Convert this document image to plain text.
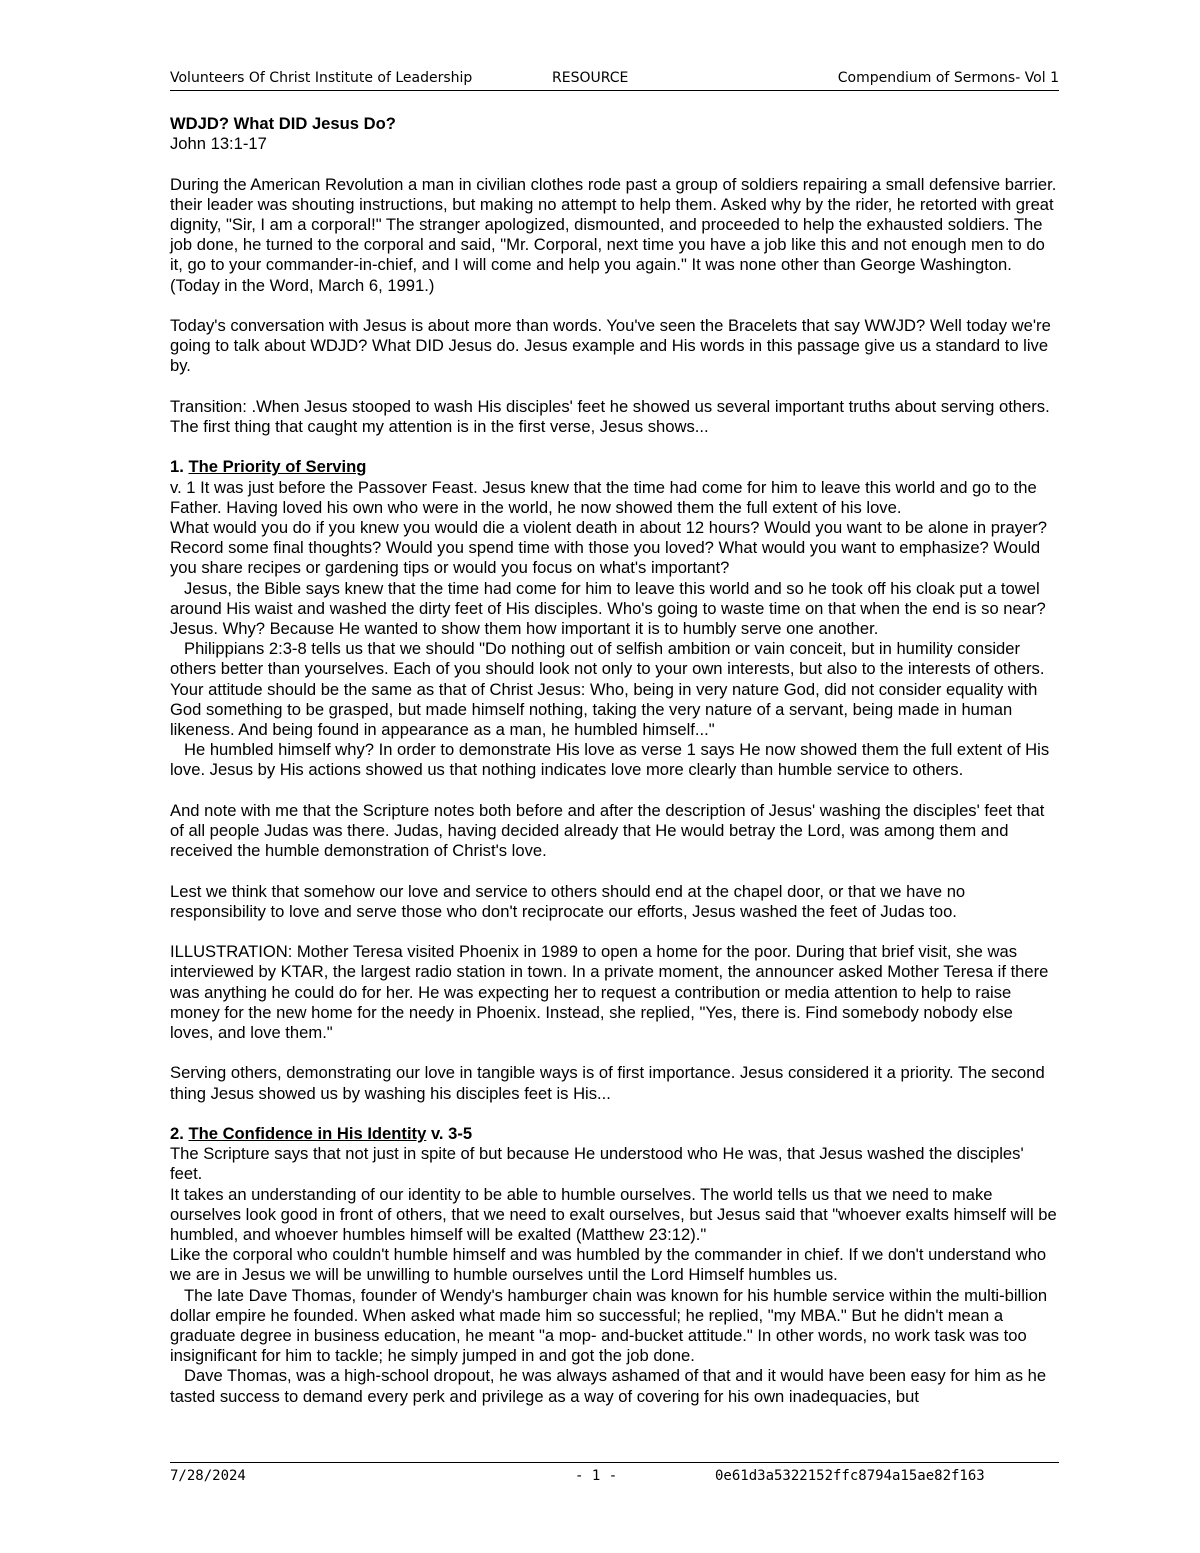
Volunteers Of Christ Institute of Leadership	RESOURCE	Compendium of Sermons- Vol 1
WDJD? What DID Jesus Do?

John 13:1-17

During the American Revolution a man in civilian clothes rode past a group of soldiers repairing a small defensive barrier. their leader was shouting instructions, but making no attempt to help them. Asked why by the rider, he retorted with great dignity, "Sir, I am a corporal!" The stranger apologized, dismounted, and proceeded to help the exhausted soldiers. The job done, he turned to the corporal and said, "Mr. Corporal, next time you have a job like this and not enough men to do it, go to your commander-in-chief, and I will come and help you again." It was none other than George Washington. (Today in the Word, March 6, 1991.)

Today's conversation with Jesus is about more than words. You've seen the Bracelets that say WWJD? Well today we're going to talk about WDJD? What DID Jesus do. Jesus example and His words in this passage give us a standard to live by.

Transition: .When Jesus stooped to wash His disciples' feet he showed us several important truths about serving others. The first thing that caught my attention is in the first verse, Jesus shows...

1. The Priority of Serving

v. 1 It was just before the Passover Feast. Jesus knew that the time had come for him to leave this world and go to the Father. Having loved his own who were in the world, he now showed them the full extent of his love.

What would you do if you knew you would die a violent death in about 12 hours? Would you want to be alone in prayer? Record some final thoughts? Would you spend time with those you loved? What would you want to emphasize? Would you share recipes or gardening tips or would you focus on what's important?

Jesus, the Bible says knew that the time had come for him to leave this world and so he took off his cloak put a towel around His waist and washed the dirty feet of His disciples. Who's going to waste time on that when the end is so near? Jesus. Why? Because He wanted to show them how important it is to humbly serve one another.

Philippians 2:3-8 tells us that we should "Do nothing out of selfish ambition or vain conceit, but in humility consider others better than yourselves. Each of you should look not only to your own interests, but also to the interests of others. Your attitude should be the same as that of Christ Jesus: Who, being in very nature God, did not consider equality with God something to be grasped, but made himself nothing, taking the very nature of a servant, being made in human likeness. And being found in appearance as a man, he humbled himself..."

He humbled himself why? In order to demonstrate His love as verse 1 says He now showed them the full extent of His love. Jesus by His actions showed us that nothing indicates love more clearly than humble service to others.

And note with me that the Scripture notes both before and after the description of Jesus' washing the disciples' feet that of all people Judas was there. Judas, having decided already that He would betray the Lord, was among them and received the humble demonstration of Christ's love.

Lest we think that somehow our love and service to others should end at the chapel door, or that we have no responsibility to love and serve those who don't reciprocate our efforts, Jesus washed the feet of Judas too.

ILLUSTRATION: Mother Teresa visited Phoenix in 1989 to open a home for the poor. During that brief visit, she was interviewed by KTAR, the largest radio station in town. In a private moment, the announcer asked Mother Teresa if there was anything he could do for her. He was expecting her to request a contribution or media attention to help to raise money for the new home for the needy in Phoenix. Instead, she replied, "Yes, there is. Find somebody nobody else loves, and love them."

Serving others, demonstrating our love in tangible ways is of first importance. Jesus considered it a priority. The second thing Jesus showed us by washing his disciples feet is His...

2. The Confidence in His Identity v. 3-5

The Scripture says that not just in spite of but because He understood who He was, that Jesus washed the disciples' feet.

It takes an understanding of our identity to be able to humble ourselves. The world tells us that we need to make ourselves look good in front of others, that we need to exalt ourselves, but Jesus said that "whoever exalts himself will be humbled, and whoever humbles himself will be exalted (Matthew 23:12)."

Like the corporal who couldn't humble himself and was humbled by the commander in chief. If we don't understand who we are in Jesus we will be unwilling to humble ourselves until the Lord Himself humbles us.

The late Dave Thomas, founder of Wendy's hamburger chain was known for his humble service within the multi-billion dollar empire he founded. When asked what made him so successful; he replied, "my MBA." But he didn't mean a graduate degree in business education, he meant "a mop- and-bucket attitude." In other words, no work task was too insignificant for him to tackle; he simply jumped in and got the job done.

Dave Thomas, was a high-school dropout, he was always ashamed of that and it would have been easy for him as he tasted success to demand every perk and privilege as a way of covering for his own inadequacies, but

7/28/2024	- 1 -	0e61d3a5322152ffc8794a15ae82f163
